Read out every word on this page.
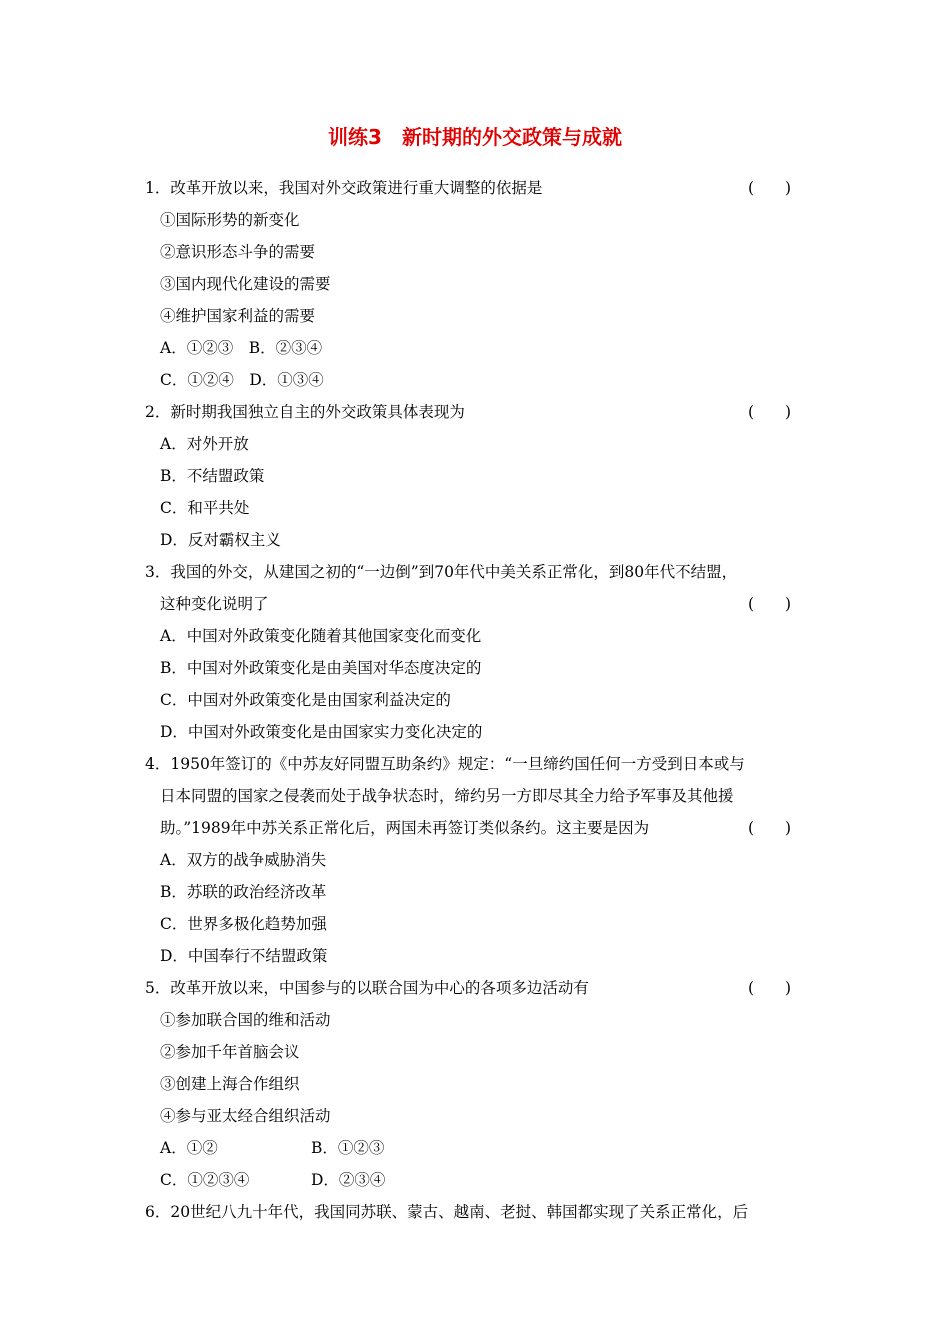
训练3　新时期的外交政策与成就
1．改革开放以来，我国对外交政策进行重大调整的依据是	(　　)
①国际形势的新变化
②意识形态斗争的需要
③国内现代化建设的需要
④维护国家利益的需要
A．①②③　B．②③④
C．①②④　D．①③④
2．新时期我国独立自主的外交政策具体表现为	(　　)
A．对外开放
B．不结盟政策
C．和平共处
D．反对霸权主义
3．我国的外交，从建国之初的“一边倒”到70年代中美关系正常化，到80年代不结盟，
这种变化说明了	(　　)
A．中国对外政策变化随着其他国家变化而变化
B．中国对外政策变化是由美国对华态度决定的
C．中国对外政策变化是由国家利益决定的
D．中国对外政策变化是由国家实力变化决定的
4．1950年签订的《中苏友好同盟互助条约》规定：“一旦缔约国任何一方受到日本或与
日本同盟的国家之侵袭而处于战争状态时，缔约另一方即尽其全力给予军事及其他援
助。”1989年中苏关系正常化后，两国未再签订类似条约。这主要是因为	(　　)
A．双方的战争威胁消失
B．苏联的政治经济改革
C．世界多极化趋势加强
D．中国奉行不结盟政策
5．改革开放以来，中国参与的以联合国为中心的各项多边活动有	(　　)
①参加联合国的维和活动
②参加千年首脑会议
③创建上海合作组织
④参与亚太经合组织活动
A．①②	B．①②③
C．①②③④	D．②③④
6．20世纪八九十年代，我国同苏联、蒙古、越南、老挝、韩国都实现了关系正常化，后
